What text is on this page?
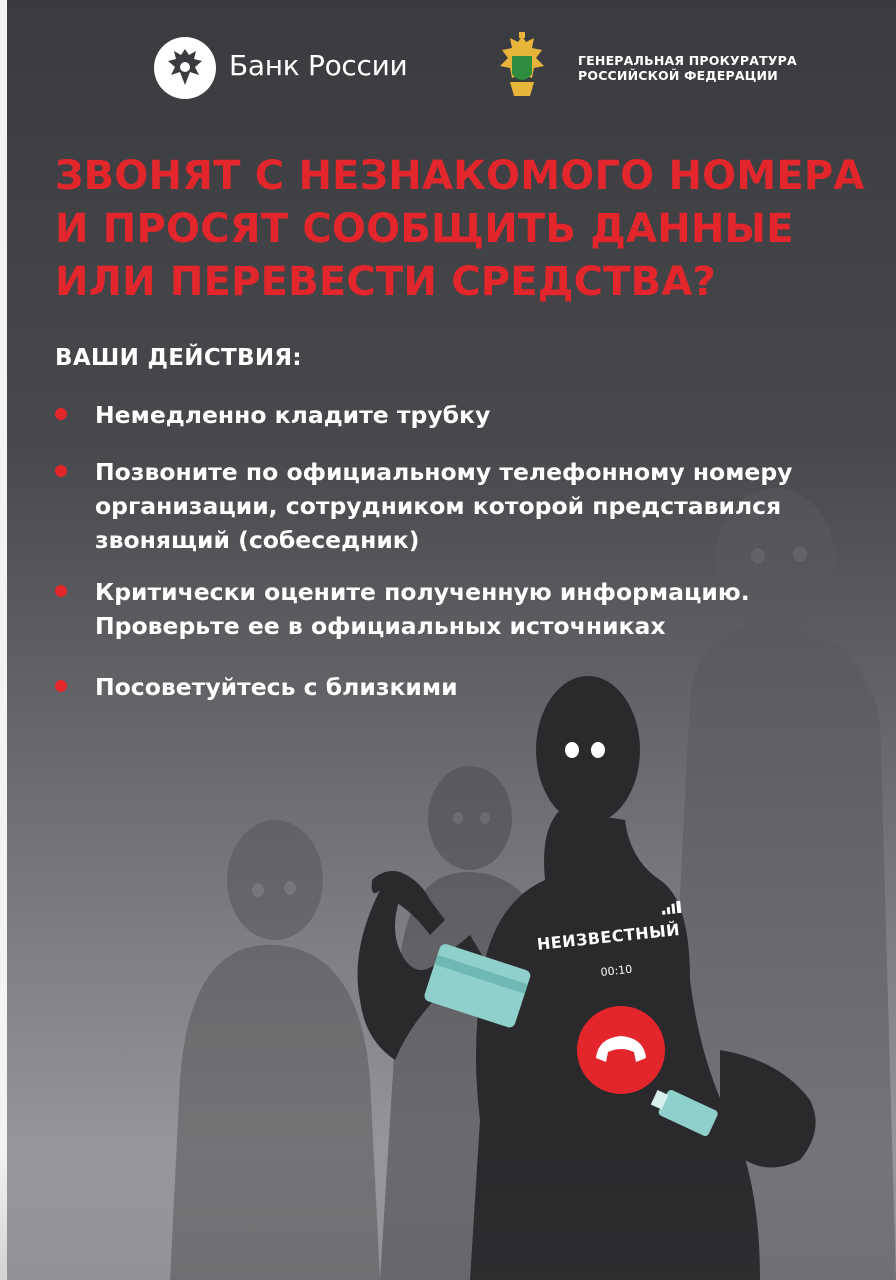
Банк России	ГЕНЕРАЛЬНАЯ ПРОКУРАТУРА
РОССИЙСКОЙ ФЕДЕРАЦИИ
ЗВОНЯТ С НЕЗНАКОМОГО НОМЕРА
И ПРОСЯТ СООБЩИТЬ ДАННЫЕ
ИЛИ ПЕРЕВЕСТИ СРЕДСТВА?
ВАШИ ДЕЙСТВИЯ:
Немедленно кладите трубку
Позвоните по официальному телефонному номеру
организации, сотрудником которой представился
звонящий (собеседник)
Критически оцените полученную информацию.
Проверьте ее в официальных источниках
Посоветуйтесь с близкими
НЕИЗВЕСТНЫЙ
00:10
